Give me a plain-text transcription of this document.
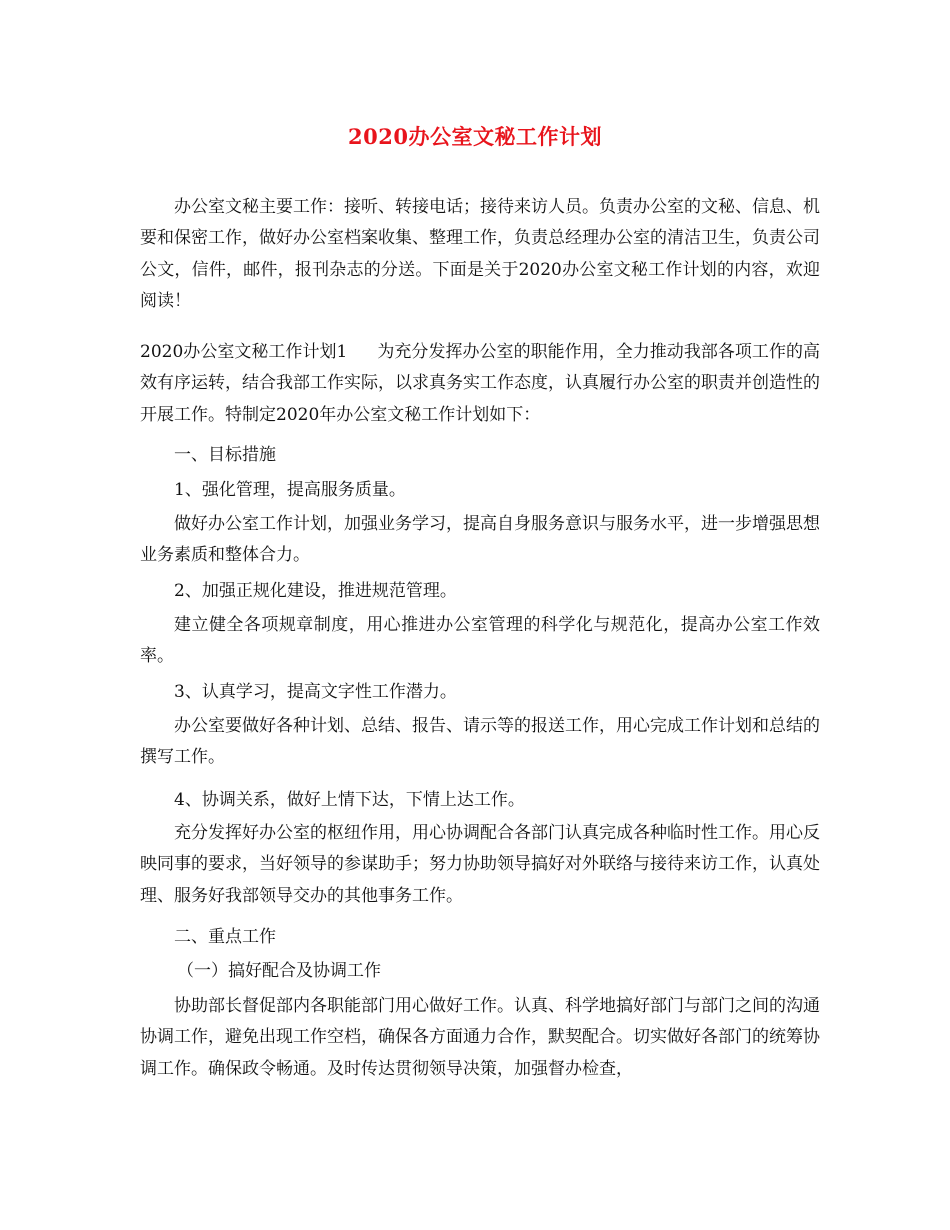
2020办公室文秘工作计划

办公室文秘主要工作：接听、转接电话；接待来访人员。负责办公室的文秘、信息、机要和保密工作，做好办公室档案收集、整理工作，负责总经理办公室的清洁卫生，负责公司公文，信件，邮件，报刊杂志的分送。下面是关于2020办公室文秘工作计划的内容，欢迎阅读！

2020办公室文秘工作计划1 为充分发挥办公室的职能作用，全力推动我部各项工作的高效有序运转，结合我部工作实际，以求真务实工作态度，认真履行办公室的职责并创造性的开展工作。特制定2020年办公室文秘工作计划如下：

一、目标措施

1、强化管理，提高服务质量。

做好办公室工作计划，加强业务学习，提高自身服务意识与服务水平，进一步增强思想业务素质和整体合力。

2、加强正规化建设，推进规范管理。

建立健全各项规章制度，用心推进办公室管理的科学化与规范化，提高办公室工作效率。

3、认真学习，提高文字性工作潜力。

办公室要做好各种计划、总结、报告、请示等的报送工作，用心完成工作计划和总结的撰写工作。

4、协调关系，做好上情下达，下情上达工作。

充分发挥好办公室的枢纽作用，用心协调配合各部门认真完成各种临时性工作。用心反映同事的要求，当好领导的参谋助手；努力协助领导搞好对外联络与接待来访工作，认真处理、服务好我部领导交办的其他事务工作。

二、重点工作

（一）搞好配合及协调工作

协助部长督促部内各职能部门用心做好工作。认真、科学地搞好部门与部门之间的沟通协调工作，避免出现工作空档，确保各方面通力合作，默契配合。切实做好各部门的统筹协调工作。确保政令畅通。及时传达贯彻领导决策，加强督办检查，
